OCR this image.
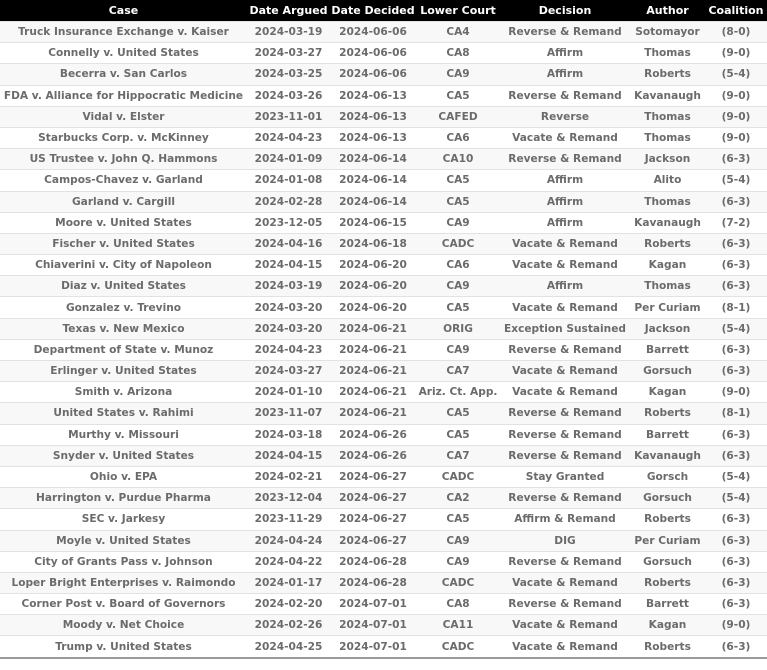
Case	Date Argued	Date Decided	Lower Court	Decision	Author	Coalition
Truck Insurance Exchange v. Kaiser	2024-03-19	2024-06-06	CA4	Reverse & Remand	Sotomayor	(8-0)
Connelly v. United States	2024-03-27	2024-06-06	CA8	Affirm	Thomas	(9-0)
Becerra v. San Carlos	2024-03-25	2024-06-06	CA9	Affirm	Roberts	(5-4)
FDA v. Alliance for Hippocratic Medicine	2024-03-26	2024-06-13	CA5	Reverse & Remand	Kavanaugh	(9-0)
Vidal v. Elster	2023-11-01	2024-06-13	CAFED	Reverse	Thomas	(9-0)
Starbucks Corp. v. McKinney	2024-04-23	2024-06-13	CA6	Vacate & Remand	Thomas	(9-0)
US Trustee v. John Q. Hammons	2024-01-09	2024-06-14	CA10	Reverse & Remand	Jackson	(6-3)
Campos-Chavez v. Garland	2024-01-08	2024-06-14	CA5	Affirm	Alito	(5-4)
Garland v. Cargill	2024-02-28	2024-06-14	CA5	Affirm	Thomas	(6-3)
Moore v. United States	2023-12-05	2024-06-15	CA9	Affirm	Kavanaugh	(7-2)
Fischer v. United States	2024-04-16	2024-06-18	CADC	Vacate & Remand	Roberts	(6-3)
Chiaverini v. City of Napoleon	2024-04-15	2024-06-20	CA6	Vacate & Remand	Kagan	(6-3)
Diaz v. United States	2024-03-19	2024-06-20	CA9	Affirm	Thomas	(6-3)
Gonzalez v. Trevino	2024-03-20	2024-06-20	CA5	Vacate & Remand	Per Curiam	(8-1)
Texas v. New Mexico	2024-03-20	2024-06-21	ORIG	Exception Sustained	Jackson	(5-4)
Department of State v. Munoz	2024-04-23	2024-06-21	CA9	Reverse & Remand	Barrett	(6-3)
Erlinger v. United States	2024-03-27	2024-06-21	CA7	Vacate & Remand	Gorsuch	(6-3)
Smith v. Arizona	2024-01-10	2024-06-21	Ariz. Ct. App.	Vacate & Remand	Kagan	(9-0)
United States v. Rahimi	2023-11-07	2024-06-21	CA5	Reverse & Remand	Roberts	(8-1)
Murthy v. Missouri	2024-03-18	2024-06-26	CA5	Reverse & Remand	Barrett	(6-3)
Snyder v. United States	2024-04-15	2024-06-26	CA7	Reverse & Remand	Kavanaugh	(6-3)
Ohio v. EPA	2024-02-21	2024-06-27	CADC	Stay Granted	Gorsch	(5-4)
Harrington v. Purdue Pharma	2023-12-04	2024-06-27	CA2	Reverse & Remand	Gorsuch	(5-4)
SEC v. Jarkesy	2023-11-29	2024-06-27	CA5	Affirm & Remand	Roberts	(6-3)
Moyle v. United States	2024-04-24	2024-06-27	CA9	DIG	Per Curiam	(6-3)
City of Grants Pass v. Johnson	2024-04-22	2024-06-28	CA9	Reverse & Remand	Gorsuch	(6-3)
Loper Bright Enterprises v. Raimondo	2024-01-17	2024-06-28	CADC	Vacate & Remand	Roberts	(6-3)
Corner Post v. Board of Governors	2024-02-20	2024-07-01	CA8	Reverse & Remand	Barrett	(6-3)
Moody v. Net Choice	2024-02-26	2024-07-01	CA11	Vacate & Remand	Kagan	(9-0)
Trump v. United States	2024-04-25	2024-07-01	CADC	Vacate & Remand	Roberts	(6-3)
